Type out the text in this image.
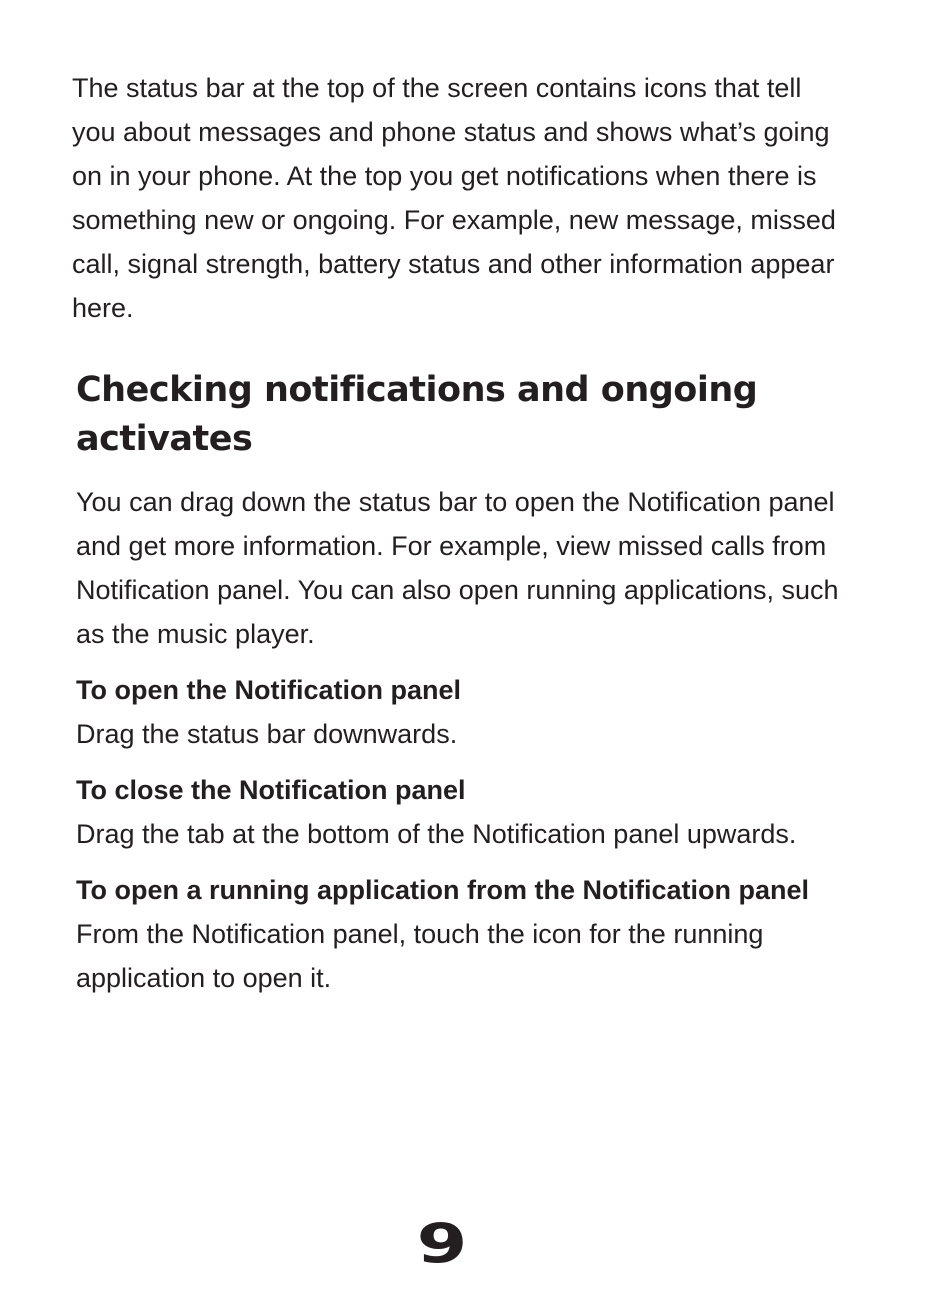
The status bar at the top of the screen contains icons that tell you about messages and phone status and shows what’s going on in your phone. At the top you get notifications when there is something new or ongoing. For example, new message, missed call, signal strength, battery status and other information appear here.

Checking notifications and ongoing activates

You can drag down the status bar to open the Notification panel and get more information. For example, view missed calls from Notification panel. You can also open running applications, such as the music player.

To open the Notification panel

Drag the status bar downwards.

To close the Notification panel

Drag the tab at the bottom of the Notification panel upwards.

To open a running application from the Notification panel

From the Notification panel, touch the icon for the running application to open it.

9
